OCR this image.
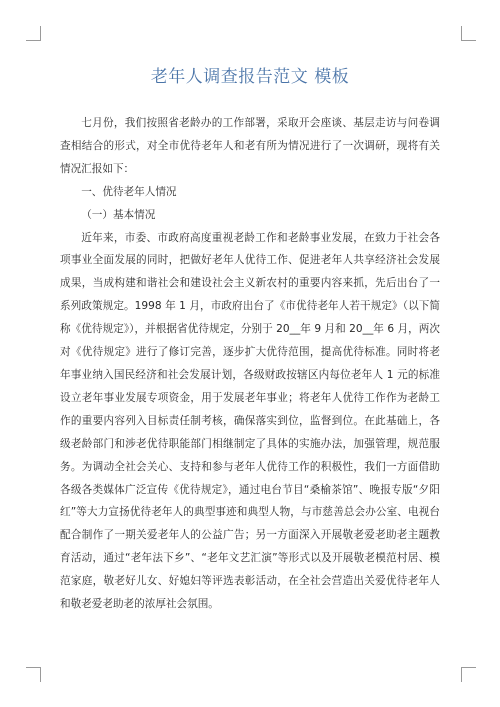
老年人调查报告范文 模板

七月份，我们按照省老龄办的工作部署，采取开会座谈、基层走访与问卷调查相结合的形式，对全市优待老年人和老有所为情况进行了一次调研，现将有关情况汇报如下：

一、优待老年人情况

（一）基本情况

近年来，市委、市政府高度重视老龄工作和老龄事业发展，在致力于社会各项事业全面发展的同时，把做好老年人优待工作、促进老年人共享经济社会发展成果，当成构建和谐社会和建设社会主义新农村的重要内容来抓，先后出台了一系列政策规定。1998 年 1 月，市政府出台了《市优待老年人若干规定》（以下简称《优待规定》），并根据省优待规定，分别于 20__年 9 月和 20__年 6 月，两次对《优待规定》进行了修订完善，逐步扩大优待范围，提高优待标准。同时将老年事业纳入国民经济和社会发展计划，各级财政按辖区内每位老年人 1 元的标准设立老年事业发展专项资金，用于发展老年事业；将老年人优待工作作为老龄工作的重要内容列入目标责任制考核，确保落实到位，监督到位。在此基础上，各级老龄部门和涉老优待职能部门相继制定了具体的实施办法，加强管理，规范服务。为调动全社会关心、支持和参与老年人优待工作的积极性，我们一方面借助各级各类媒体广泛宣传《优待规定》，通过电台节目“桑榆茶馆”、晚报专版“夕阳红”等大力宣扬优待老年人的典型事迹和典型人物，与市慈善总会办公室、电视台配合制作了一期关爱老年人的公益广告；另一方面深入开展敬老爱老助老主题教育活动，通过“老年法下乡”、“老年文艺汇演”等形式以及开展敬老模范村居、模范家庭，敬老好儿女、好媳妇等评选表彰活动，在全社会营造出关爱优待老年人和敬老爱老助老的浓厚社会氛围。
